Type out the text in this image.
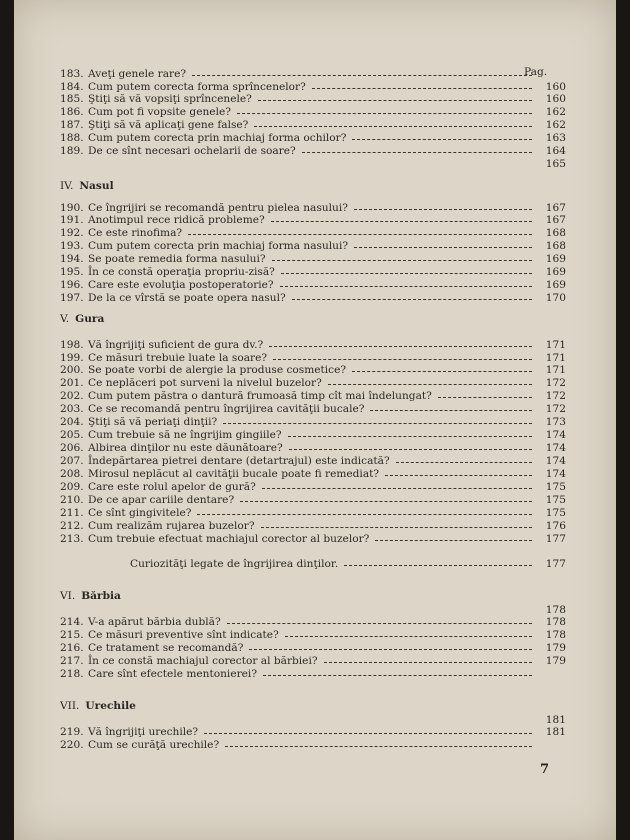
Pag.
183. Aveţi genele rare?
184. Cum putem corecta forma sprîncenelor?	160
185. Ştiţi să vă vopsiţi sprîncenele?	160
186. Cum pot fi vopsite genele?	162
187. Ştiţi să vă aplicaţi gene false?	162
188. Cum putem corecta prin machiaj forma ochilor?	163
189. De ce sînt necesari ochelarii de soare?	164
165
IV. Nasul
190. Ce îngrijiri se recomandă pentru pielea nasului?	167
191. Anotimpul rece ridică probleme?	167
192. Ce este rinofima?	168
193. Cum putem corecta prin machiaj forma nasului?	168
194. Se poate remedia forma nasului?	169
195. În ce constă operaţia propriu-zisă?	169
196. Care este evoluţia postoperatorie?	169
197. De la ce vîrstă se poate opera nasul?	170
V. Gura
198. Vă îngrijiţi suficient de gura dv.?	171
199. Ce măsuri trebuie luate la soare?	171
200. Se poate vorbi de alergie la produse cosmetice?	171
201. Ce neplăceri pot surveni la nivelul buzelor?	172
202. Cum putem păstra o dantură frumoasă timp cît mai îndelungat?	172
203. Ce se recomandă pentru îngrijirea cavităţii bucale?	172
204. Ştiţi să vă periaţi dinţii?	173
205. Cum trebuie să ne îngrijim gingiile?	174
206. Albirea dinţilor nu este dăunătoare?	174
207. Îndepărtarea pietrei dentare (detartrajul) este indicată?	174
208. Mirosul neplăcut al cavităţii bucale poate fi remediat?	174
209. Care este rolul apelor de gură?	175
210. De ce apar cariile dentare?	175
211. Ce sînt gingivitele?	175
212. Cum realizăm rujarea buzelor?	176
213. Cum trebuie efectuat machiajul corector al buzelor?	177
Curiozităţi legate de îngrijirea dinţilor.	177
VI. Bărbia
178
214. V-a apărut bărbia dublă?	178
215. Ce măsuri preventive sînt indicate?	178
216. Ce tratament se recomandă?	179
217. În ce constă machiajul corector al bărbiei?	179
218. Care sînt efectele mentonierei?
VII. Urechile
181
219. Vă îngrijiţi urechile?	181
220. Cum se curăţă urechile?
7
